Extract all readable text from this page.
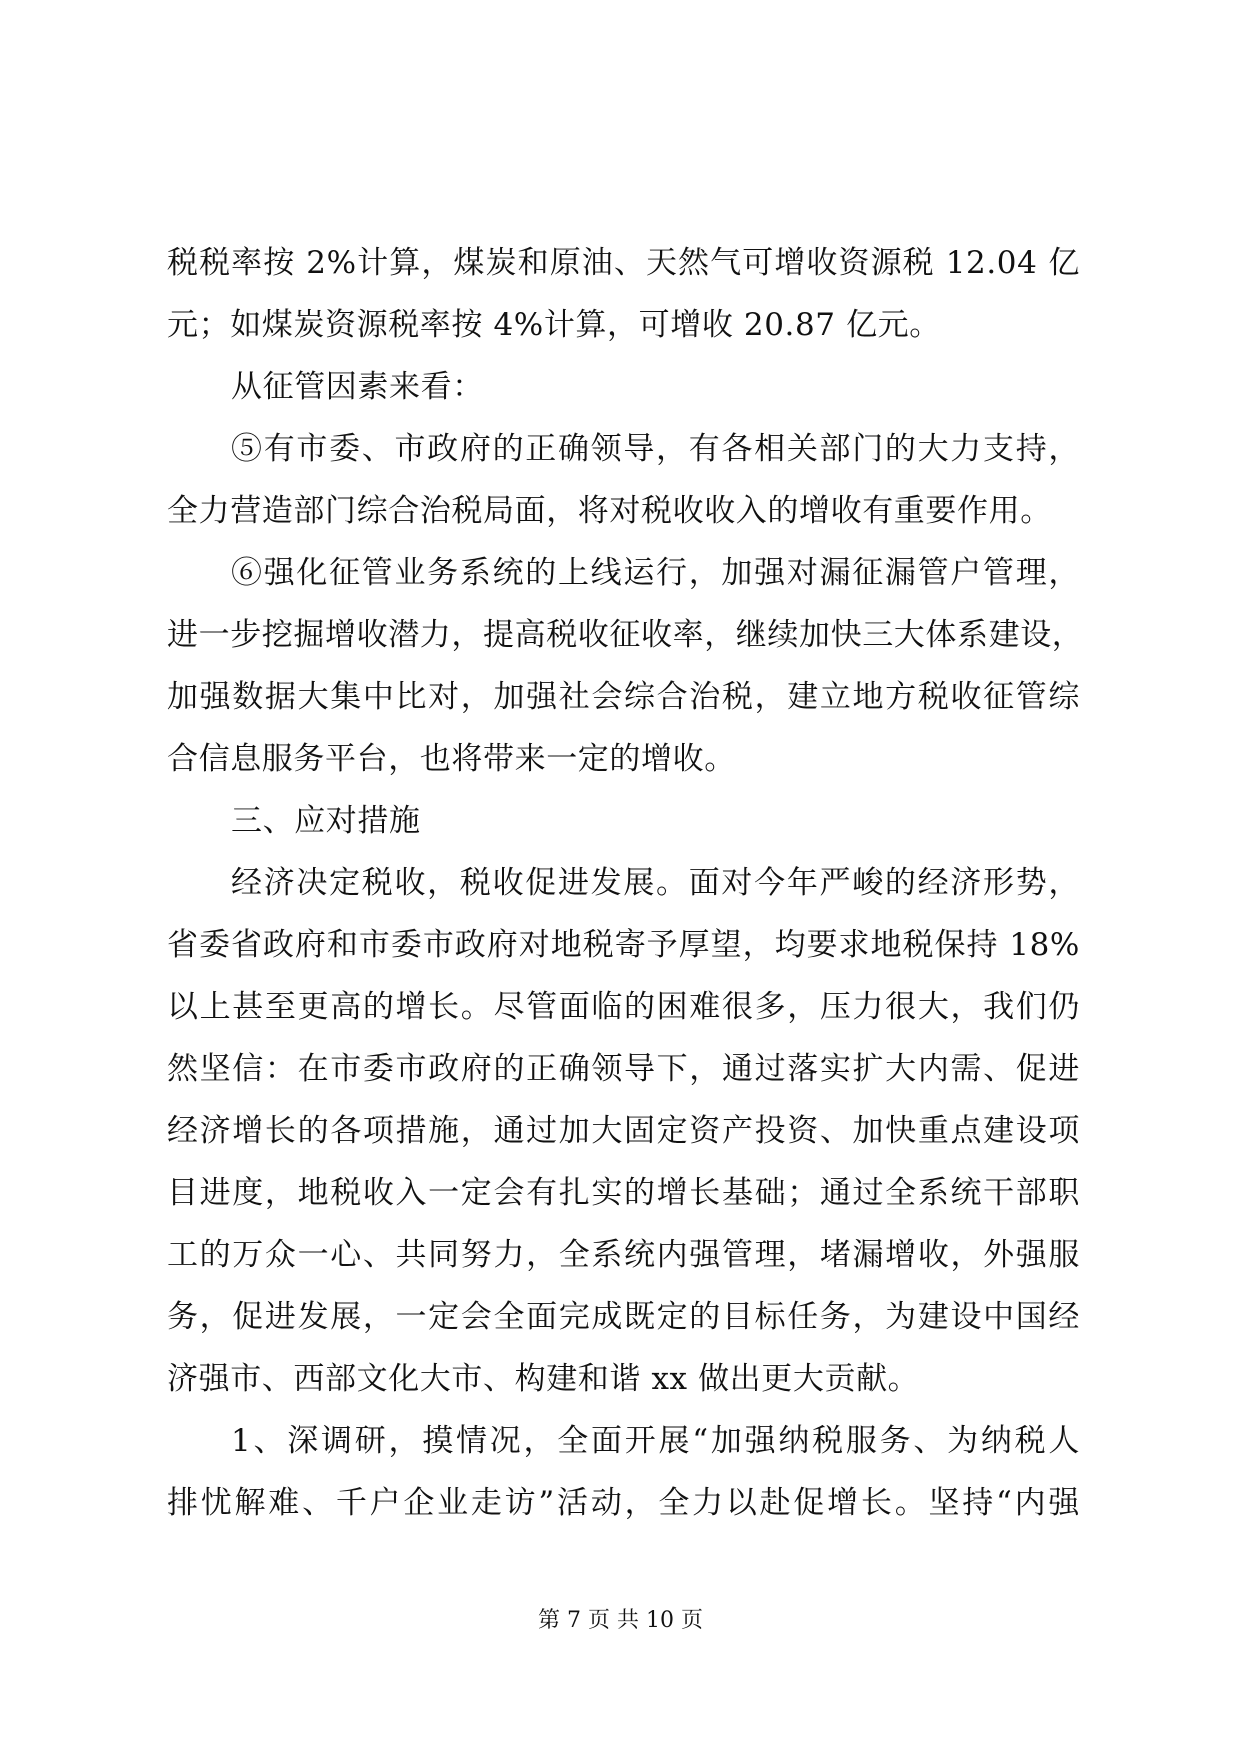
税税率按 2%计算，煤炭和原油、天然气可增收资源税 12.04 亿
元；如煤炭资源税率按 4%计算，可增收 20.87 亿元。
从征管因素来看：
⑤有市委、市政府的正确领导，有各相关部门的大力支持，
全力营造部门综合治税局面，将对税收收入的增收有重要作用。
⑥强化征管业务系统的上线运行，加强对漏征漏管户管理，
进一步挖掘增收潜力，提高税收征收率，继续加快三大体系建设，
加强数据大集中比对，加强社会综合治税，建立地方税收征管综
合信息服务平台，也将带来一定的增收。
三、应对措施
经济决定税收，税收促进发展。面对今年严峻的经济形势，
省委省政府和市委市政府对地税寄予厚望，均要求地税保持 18%
以上甚至更高的增长。尽管面临的困难很多，压力很大，我们仍
然坚信：在市委市政府的正确领导下，通过落实扩大内需、促进
经济增长的各项措施，通过加大固定资产投资、加快重点建设项
目进度，地税收入一定会有扎实的增长基础；通过全系统干部职
工的万众一心、共同努力，全系统内强管理，堵漏增收，外强服
务，促进发展，一定会全面完成既定的目标任务，为建设中国经
济强市、西部文化大市、构建和谐 xx 做出更大贡献。
1、深调研，摸情况，全面开展“加强纳税服务、为纳税人
排忧解难、千户企业走访”活动，全力以赴促增长。坚持“内强
第 7 页 共 10 页
